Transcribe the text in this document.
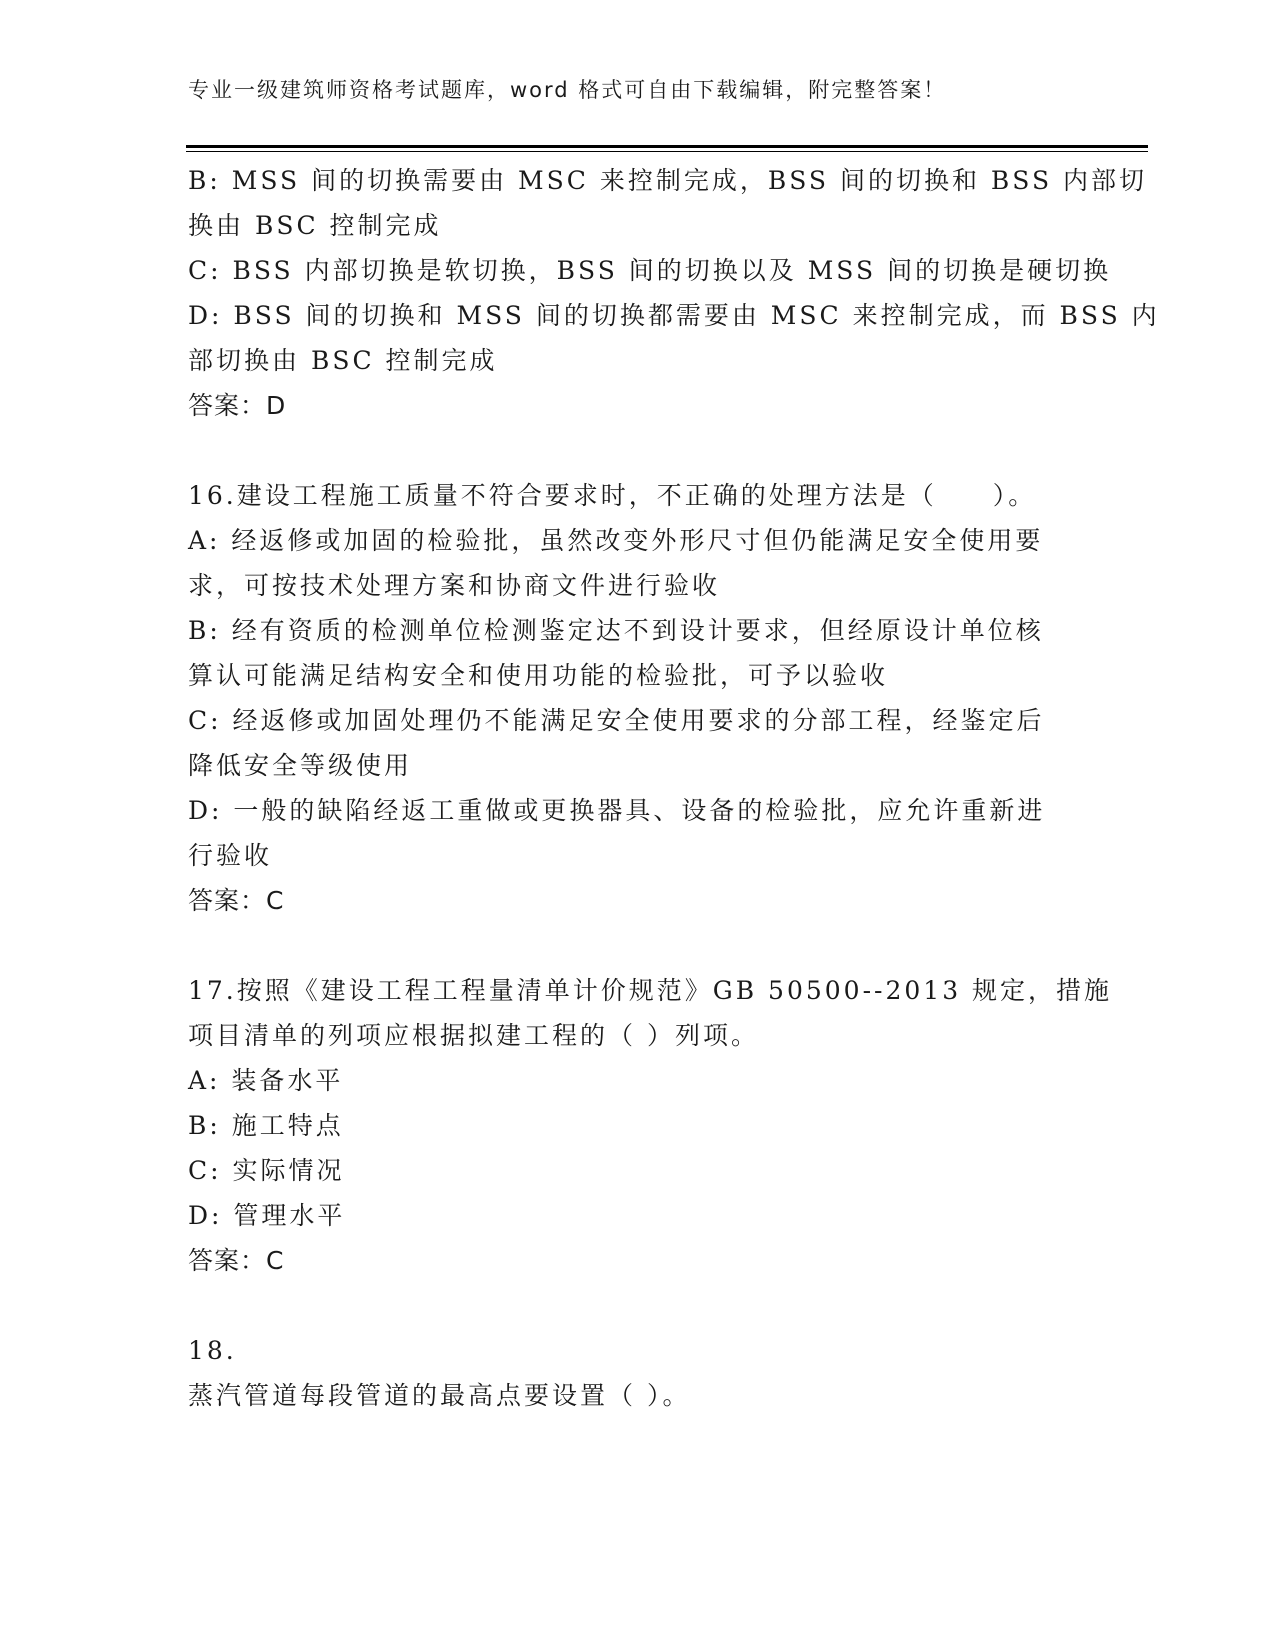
专业一级建筑师资格考试题库，word 格式可自由下载编辑，附完整答案！
B: MSS 间的切换需要由 MSC 来控制完成，BSS 间的切换和 BSS 内部切
换由 BSC 控制完成
C: BSS 内部切换是软切换，BSS 间的切换以及 MSS 间的切换是硬切换
D: BSS 间的切换和 MSS 间的切换都需要由 MSC 来控制完成，而 BSS 内
部切换由 BSC 控制完成
答案：D
16.建设工程施工质量不符合要求时，不正确的处理方法是（　　）。
A: 经返修或加固的检验批，虽然改变外形尺寸但仍能满足安全使用要
求，可按技术处理方案和协商文件进行验收
B: 经有资质的检测单位检测鉴定达不到设计要求，但经原设计单位核
算认可能满足结构安全和使用功能的检验批，可予以验收
C: 经返修或加固处理仍不能满足安全使用要求的分部工程，经鉴定后
降低安全等级使用
D: 一般的缺陷经返工重做或更换器具、设备的检验批，应允许重新进
行验收
答案：C
17.按照《建设工程工程量清单计价规范》GB 50500--2013 规定，措施
项目清单的列项应根据拟建工程的（ ）列项。
A: 装备水平
B: 施工特点
C: 实际情况
D: 管理水平
答案：C
18.
蒸汽管道每段管道的最高点要设置（ ）。
